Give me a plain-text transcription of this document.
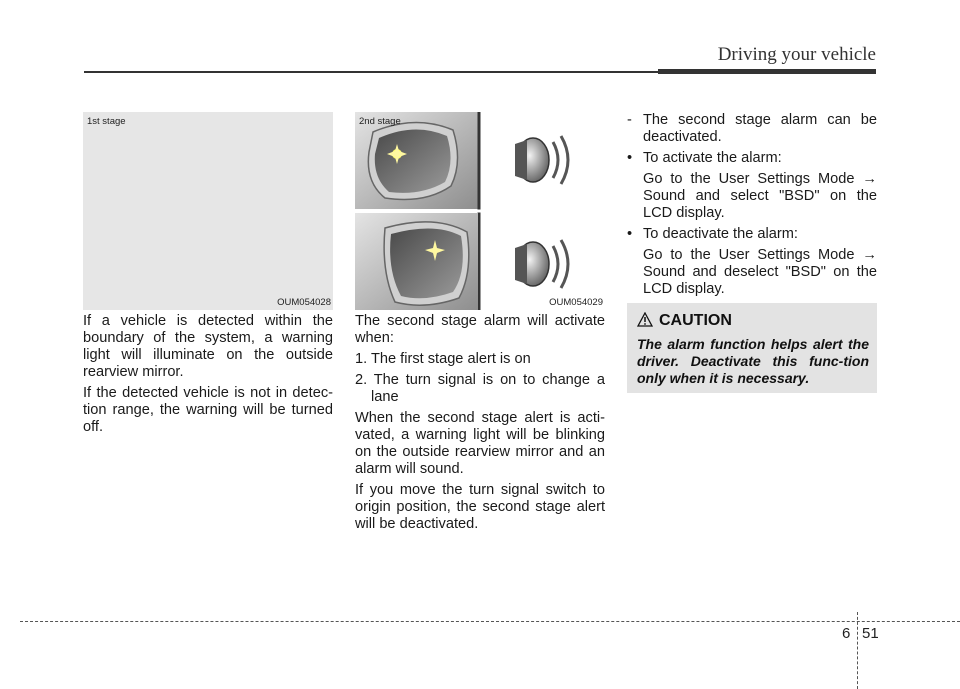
Driving your vehicle
1st stage
OUM054028
2nd stage
OUM054029

If a vehicle is detected within the boundary of the system, a warning light will illuminate on the outside rearview mirror.

If the detected vehicle is not in detec-tion range, the warning will be turned off.

The second stage alarm will activate when:

1. The first stage alert is on

2. The turn signal is on to change a lane

When the second stage alert is acti-vated, a warning light will be blinking on the outside rearview mirror and an alarm will sound.

If you move the turn signal switch to origin position, the second stage alert will be deactivated.

- The second stage alarm can be deactivated.
• To activate the alarm:
Go to the User Settings Mode → Sound and select "BSD" on the LCD display.
• To deactivate the alarm:
Go to the User Settings Mode → Sound and deselect "BSD" on the LCD display.
CAUTION
The alarm function helps alert the driver. Deactivate this func-tion only when it is necessary.
6 51
